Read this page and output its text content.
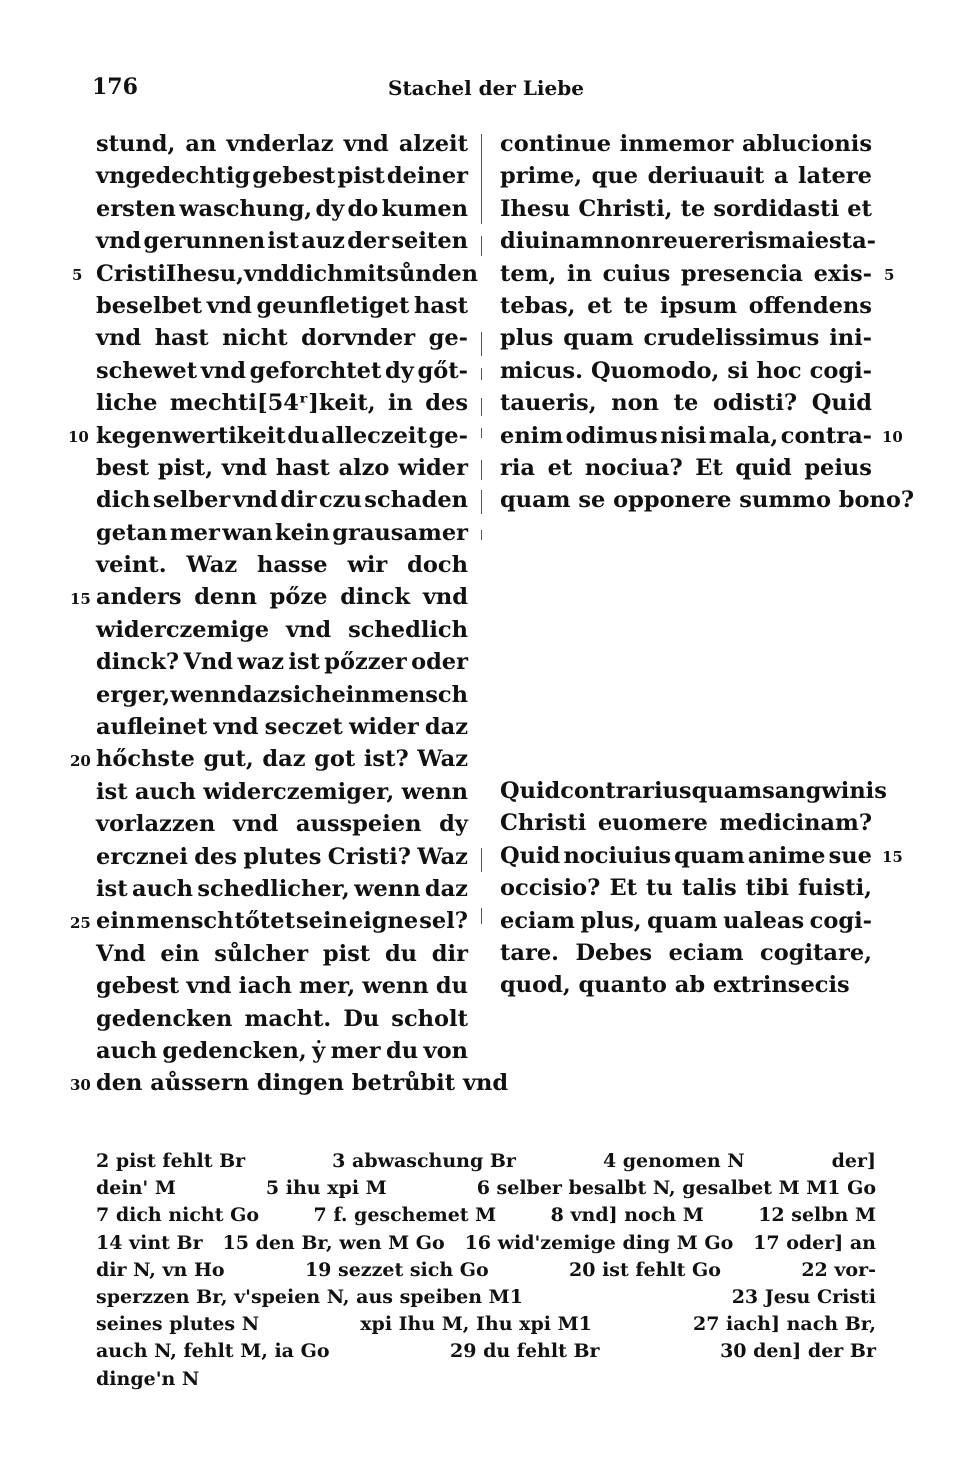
176	Stachel der Liebe
stund, an vnderlaz vnd alzeit
vngedechtig gebest pist deiner
ersten waschung, dy do kumen
vnd gerunnen ist auz der seiten
Cristi Ihesu, vnd dich mit sůnden
beselbet vnd geunfletiget hast
vnd hast nicht dorvnder ge-
schewet vnd geforchtet dy gőt-
liche mechti[54ʳ]keit, in des
kegenwertikeit du alleczeit ge-
best pist, vnd hast alzo wider
dich selber vnd dir czu schaden
getan mer wan kein grausamer
veint. Waz hasse wir doch
anders denn pőze dinck vnd
widerczemige vnd schedlich
dinck? Vnd waz ist pőzzer oder
erger, wenn daz sich ein mensch
aufleinet vnd seczet wider daz
hőchste gut, daz got ist? Waz
ist auch widerczemiger, wenn
vorlazzen vnd ausspeien dy
ercznei des plutes Cristi? Waz
ist auch schedlicher, wenn daz
ein mensch tőtet sein eigne sel?
Vnd ein sůlcher pist du dir
gebest vnd iach mer, wenn du
gedencken macht. Du scholt
auch gedencken, ẏ mer du von
den aůssern dingen betrůbit vnd
continue inmemor ablucionis
prime, que deriuauit a latere
Ihesu Christi, te sordidasti et
diuinam non reuereris maiesta-
tem, in cuius presencia exis-
tebas, et te ipsum offendens
plus quam crudelissimus ini-
micus. Quomodo, si hoc cogi-
taueris, non te odisti? Quid
enim odimus nisi mala, contra-
ria et nociua? Et quid peius
quam se opponere summo bono?
Quid contrarius quam sangwinis
Christi euomere medicinam?
Quid nociuius quam anime sue
occisio? Et tu talis tibi fuisti,
eciam plus, quam ualeas cogi-
tare. Debes eciam cogitare,
quod, quanto ab extrinsecis
5
10
15
20
25
30
5
10
15
2 pist fehlt Br	3 abwaschung Br	4 genomen N	der]
dein' M	5 ihu xpi M	6 selber besalbt N, gesalbet M M1 Go
7 dich nicht Go	7 f. geschemet M	8 vnd] noch M	12 selbn M
14 vint Br 15 den Br, wen M Go 16 wid'zemige ding M Go 17 oder] an
dir N, vn Ho	19 sezzet sich Go	20 ist fehlt Go	22 vor-
sperzzen Br, v'speien N, aus speiben M1	23 Jesu Cristi
seines plutes N	xpi Ihu M, Ihu xpi M1	27 iach] nach Br,
auch N, fehlt M, ia Go	29 du fehlt Br	30 den] der Br
dinge'n N
